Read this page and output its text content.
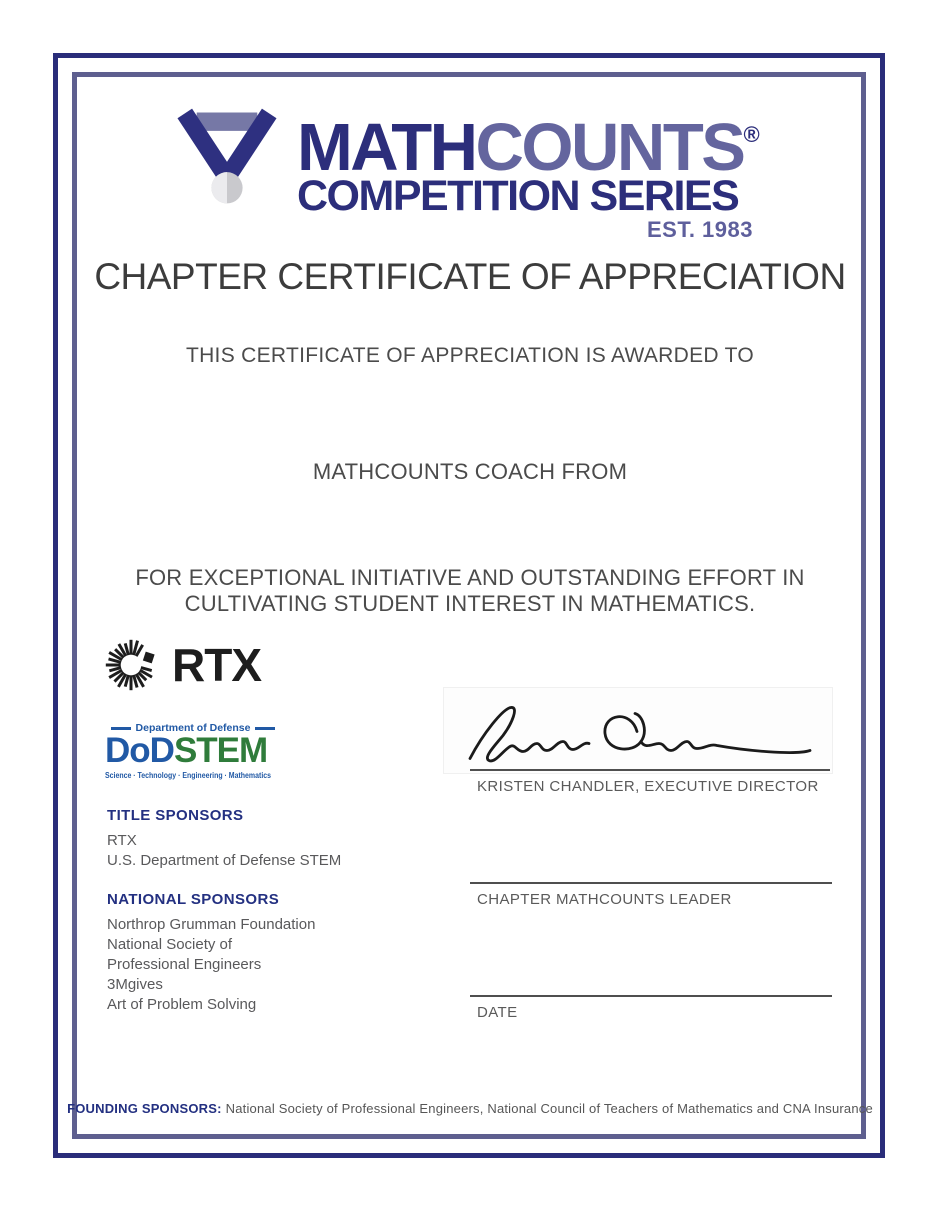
MATHCOUNTS®
COMPETITION SERIES
EST. 1983
CHAPTER CERTIFICATE OF APPRECIATION
THIS CERTIFICATE OF APPRECIATION IS AWARDED TO
MATHCOUNTS COACH FROM
FOR EXCEPTIONAL INITIATIVE AND OUTSTANDING EFFORT IN
CULTIVATING STUDENT INTEREST IN MATHEMATICS.
RTX
Department of Defense
DoDSTEM
Science · Technology · Engineering · Mathematics
KRISTEN CHANDLER, EXECUTIVE DIRECTOR
CHAPTER MATHCOUNTS LEADER
DATE
TITLE SPONSORS
RTX
U.S. Department of Defense STEM
NATIONAL SPONSORS
Northrop Grumman Foundation
National Society of
Professional Engineers
3Mgives
Art of Problem Solving
FOUNDING SPONSORS: National Society of Professional Engineers, National Council of Teachers of Mathematics and CNA Insurance
